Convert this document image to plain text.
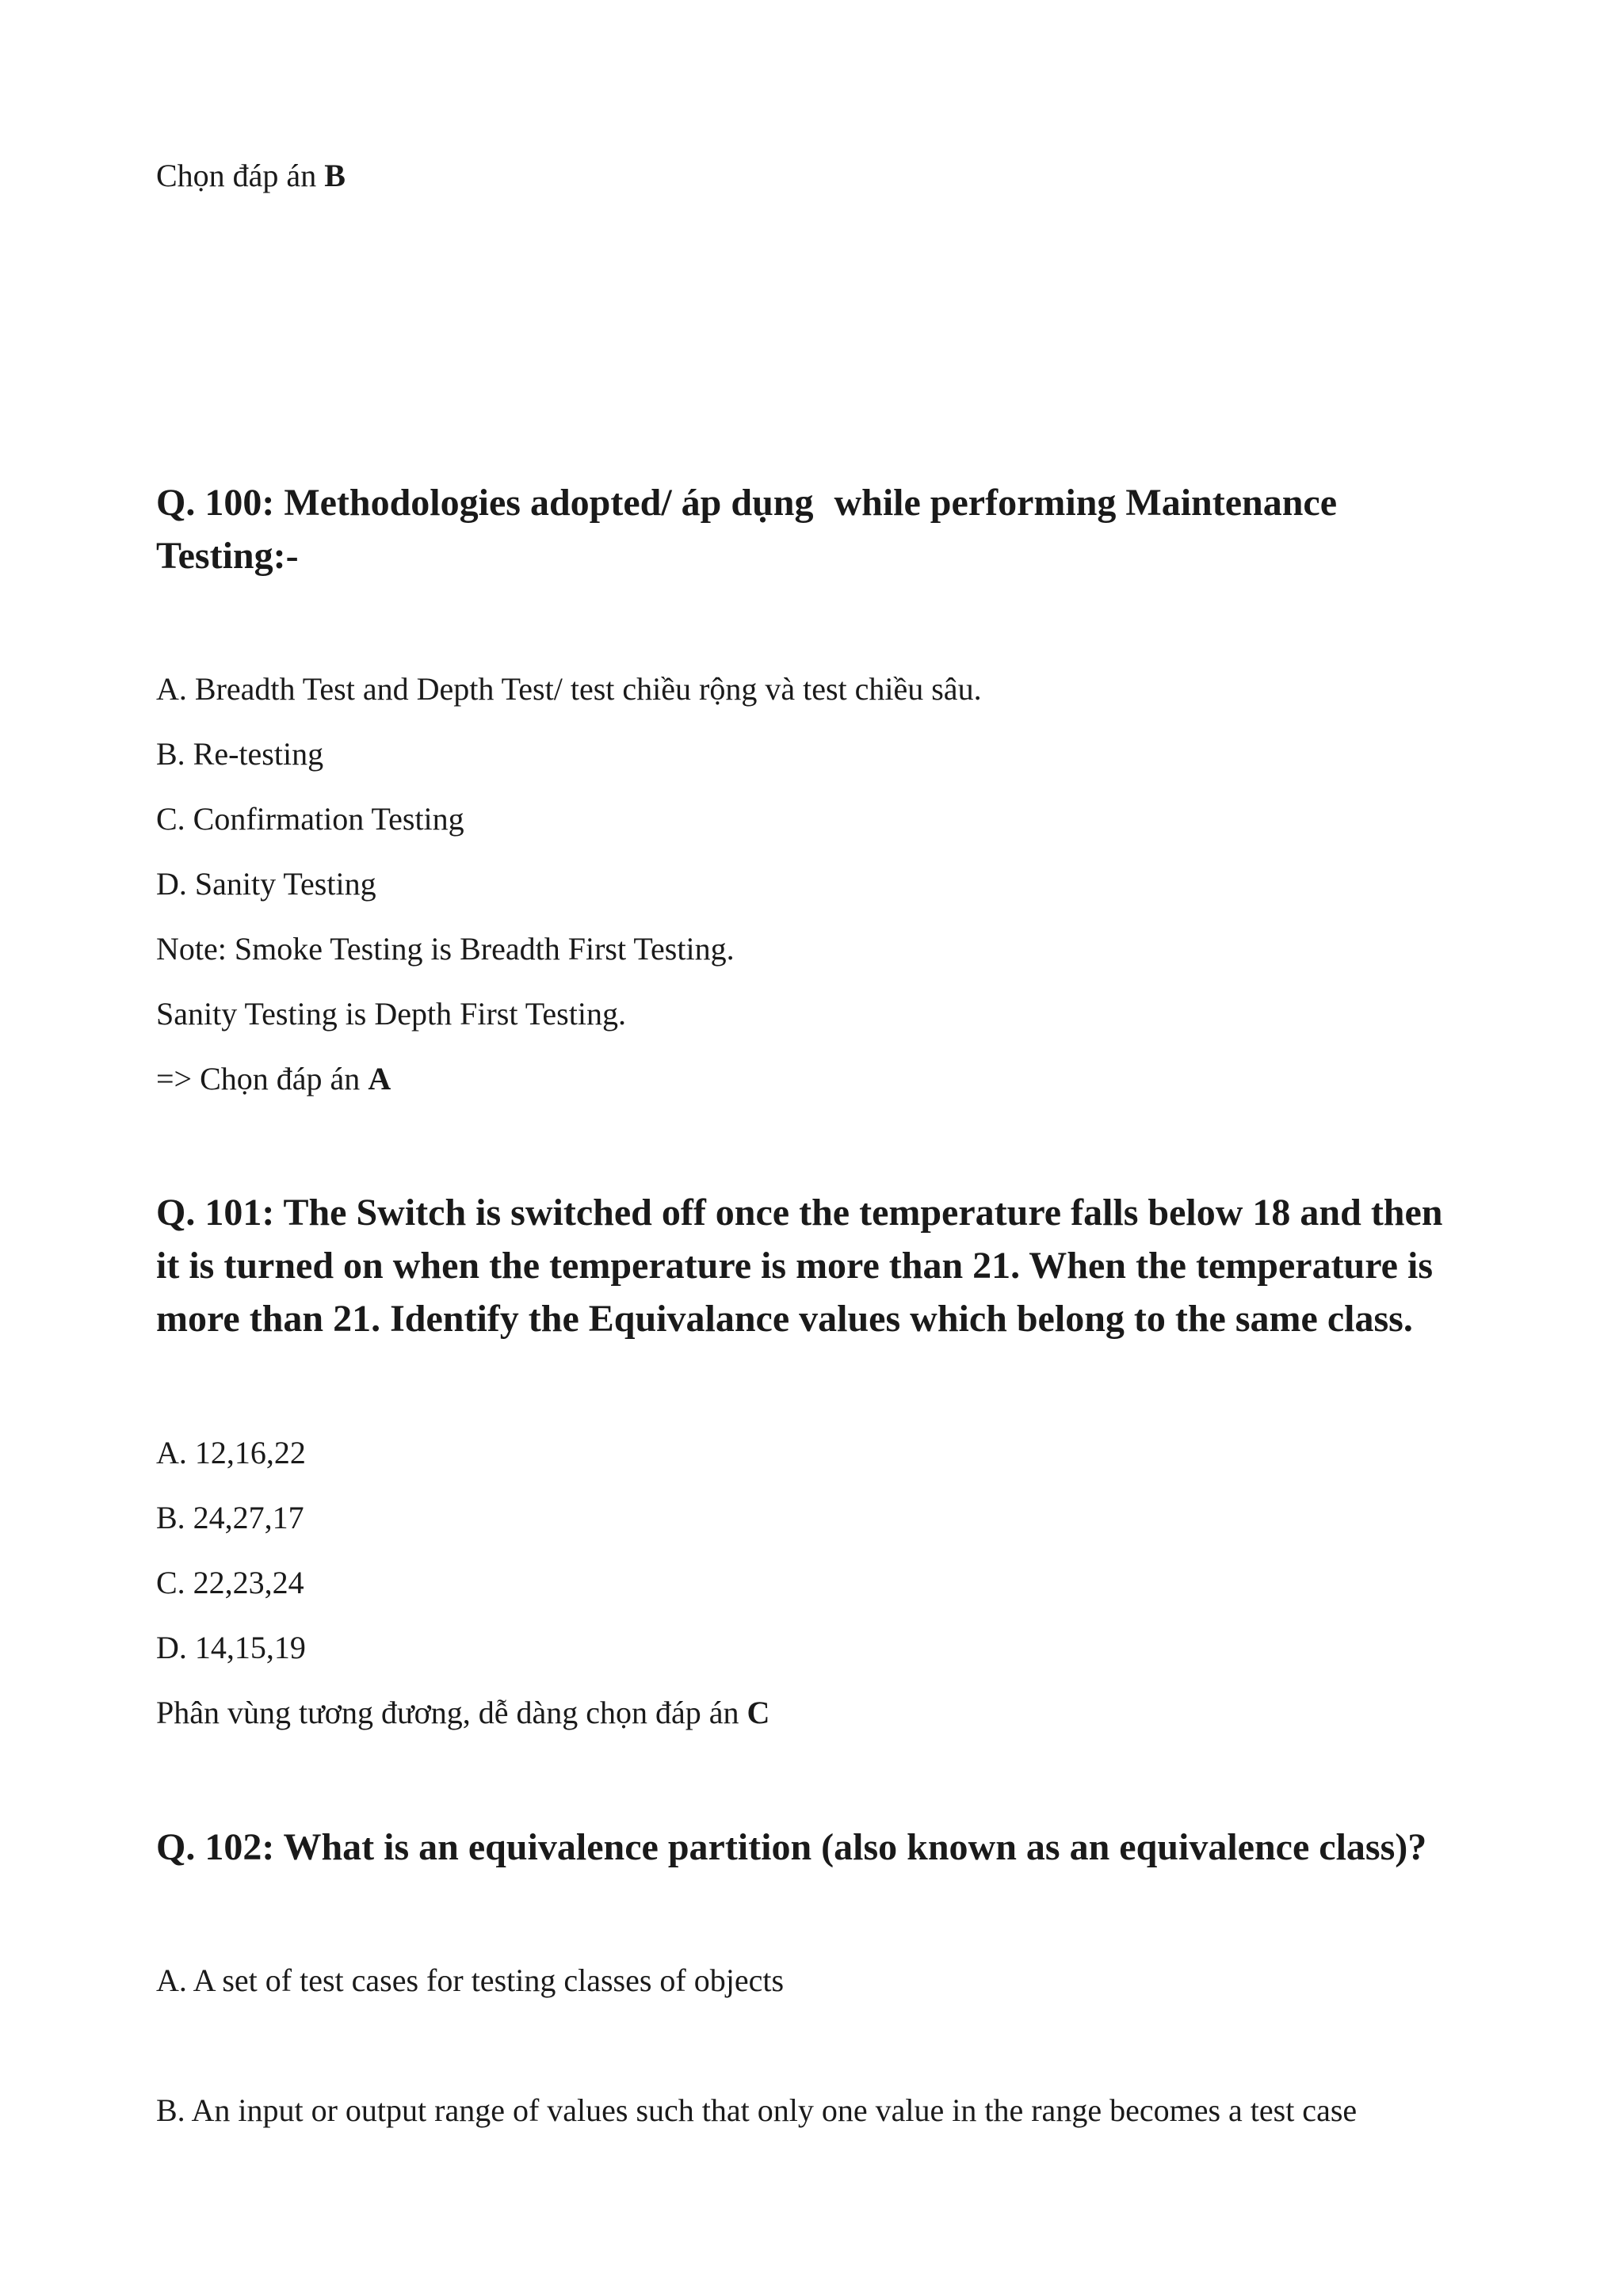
Chọn đáp án B
Q. 100: Methodologies adopted/ áp dụng while performing Maintenance
Testing:-
A. Breadth Test and Depth Test/ test chiều rộng và test chiều sâu.
B. Re-testing
C. Confirmation Testing
D. Sanity Testing
Note: Smoke Testing is Breadth First Testing.
Sanity Testing is Depth First Testing.
=> Chọn đáp án A
Q. 101: The Switch is switched off once the temperature falls below 18 and then
it is turned on when the temperature is more than 21. When the temperature is
more than 21. Identify the Equivalance values which belong to the same class.
A. 12,16,22
B. 24,27,17
C. 22,23,24
D. 14,15,19
Phân vùng tương đương, dễ dàng chọn đáp án C
Q. 102: What is an equivalence partition (also known as an equivalence class)?
A. A set of test cases for testing classes of objects
B. An input or output range of values such that only one value in the range becomes a test case
